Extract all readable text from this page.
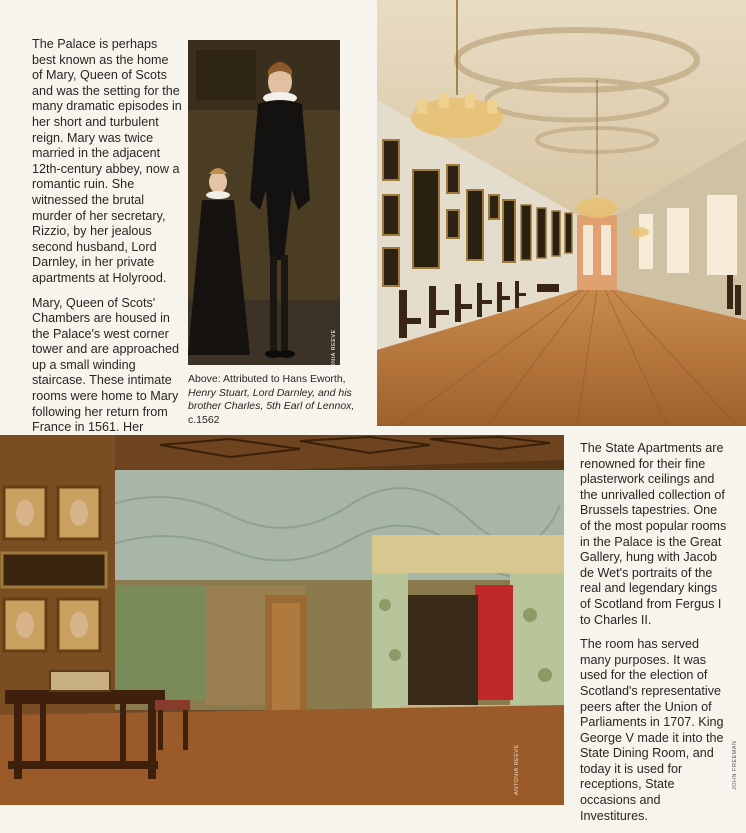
The Palace is perhaps best known as the home of Mary, Queen of Scots and was the setting for the many dramatic episodes in her short and turbulent reign. Mary was twice married in the adjacent 12th-century abbey, now a romantic ruin. She witnessed the brutal murder of her secretary, Rizzio, by her jealous second husband, Lord Darnley, in her private apartments at Holyrood.

Mary, Queen of Scots' Chambers are housed in the Palace's west corner tower and are approached up a small winding staircase. These intimate rooms were home to Mary following her return from France in 1561. Her

ANTONIA REEVE
Above: Attributed to Hans Eworth, Henry Stuart, Lord Darnley, and his brother Charles, 5th Earl of Lennox, c.1562
ANTONIA REEVE

The State Apartments are renowned for their fine plasterwork ceilings and the unrivalled collection of Brussels tapestries. One of the most popular rooms in the Palace is the Great Gallery, hung with Jacob de Wet's portraits of the real and legendary kings of Scotland from Fergus I to Charles II.

The room has served many purposes. It was used for the election of Scotland's representative peers after the Union of Parliaments in 1707. King George V made it into the State Dining Room, and today it is used for receptions, State occasions and Investitures.

JOHN FREEMAN
